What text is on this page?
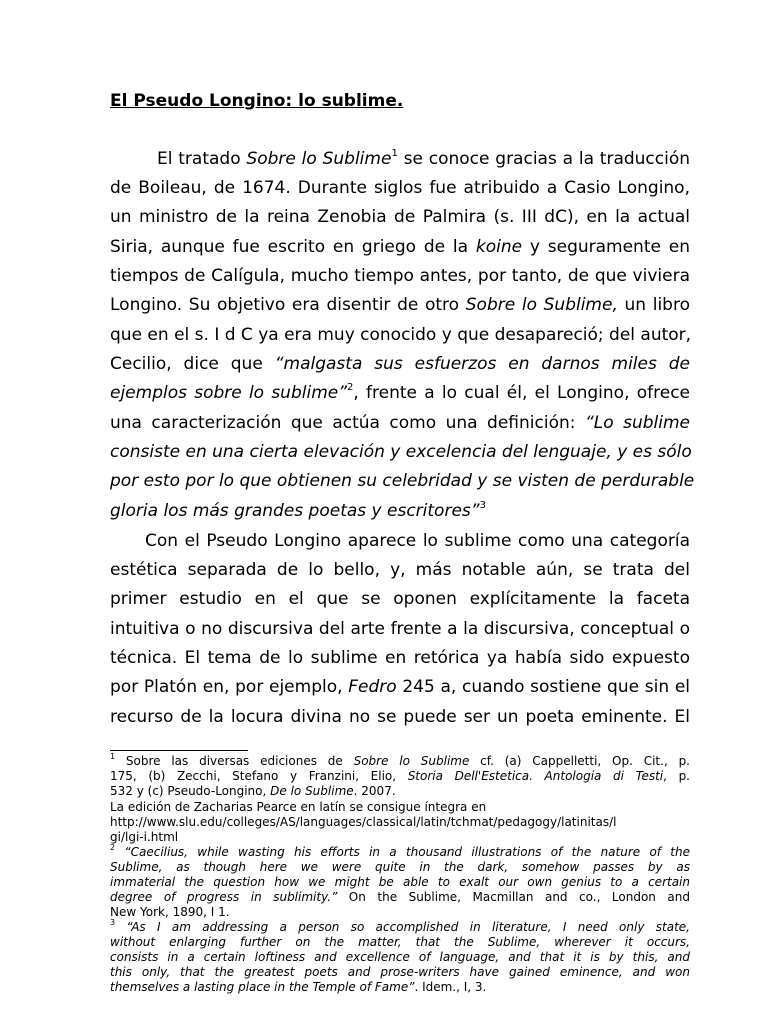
El Pseudo Longino: lo sublime.
El tratado Sobre lo Sublime$^1$ se conoce gracias a la traducción
de Boileau, de 1674. Durante siglos fue atribuido a Casio Longino,
un ministro de la reina Zenobia de Palmira (s. III dC), en la actual
Siria, aunque fue escrito en griego de la koine y seguramente en
tiempos de Calígula, mucho tiempo antes, por tanto, de que viviera
Longino. Su objetivo era disentir de otro Sobre lo Sublime, un libro
que en el s. I d C ya era muy conocido y que desapareció; del autor,
Cecilio, dice que “malgasta sus esfuerzos en darnos miles de
ejemplos sobre lo sublime”$^2$, frente a lo cual él, el Longino, ofrece
una caracterización que actúa como una definición: “Lo sublime
consiste en una cierta elevación y excelencia del lenguaje, y es sólo
por esto por lo que obtienen su celebridad y se visten de perdurable
gloria los más grandes poetas y escritores”$^3$
Con el Pseudo Longino aparece lo sublime como una categoría
estética separada de lo bello, y, más notable aún, se trata del
primer estudio en el que se oponen explícitamente la faceta
intuitiva o no discursiva del arte frente a la discursiva, conceptual o
técnica. El tema de lo sublime en retórica ya había sido expuesto
por Platón en, por ejemplo, Fedro 245 a, cuando sostiene que sin el
recurso de la locura divina no se puede ser un poeta eminente. El
$^1$ Sobre las diversas ediciones de Sobre lo Sublime cf. (a) Cappelletti, Op. Cit., p.
175, (b) Zecchi, Stefano y Franzini, Elio, Storia Dell'Estetica. Antologia di Testi, p.
532 y (c) Pseudo-Longino, De lo Sublime. 2007.
La edición de Zacharias Pearce en latín se consigue íntegra en
http://www.slu.edu/colleges/AS/languages/classical/latin/tchmat/pedagogy/latinitas/l
gi/lgi-i.html
$^2$ “Caecilius, while wasting his efforts in a thousand illustrations of the nature of the
Sublime, as though here we were quite in the dark, somehow passes by as
immaterial the question how we might be able to exalt our own genius to a certain
degree of progress in sublimity.” On the Sublime, Macmillan and co., London and
New York, 1890, I 1.
$^3$ “As I am addressing a person so accomplished in literature, I need only state,
without enlarging further on the matter, that the Sublime, wherever it occurs,
consists in a certain loftiness and excellence of language, and that it is by this, and
this only, that the greatest poets and prose-writers have gained eminence, and won
themselves a lasting place in the Temple of Fame”. Idem., I, 3.
